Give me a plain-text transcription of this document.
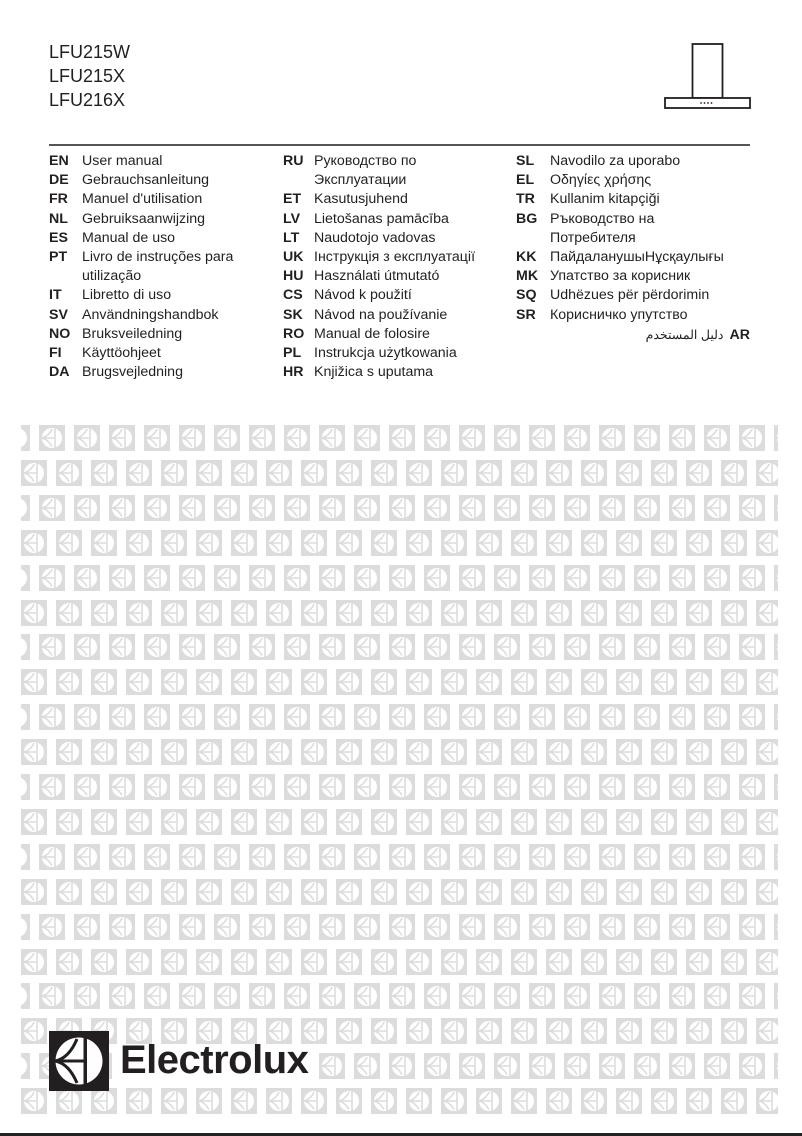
LFU215W
LFU215X
LFU216X
EN User manual
DE Gebrauchsanleitung
FR Manuel d'utilisation
NL Gebruiksaanwijzing
ES Manual de uso
PT	Livro de instruções para
utilização
IT	Libretto di uso
SV Användningshandbok
NO Bruksveiledning
FI	Käyttöohjeet
DA Brugsvejledning
RU Руководство по
Эксплуатации
ET Kasutusjuhend
LV Lietošanas pamācība
LT	Naudotojo vadovas
UK Інструкція з експлуатації
HU Használati útmutató
CS Návod k použití
SK Návod na používanie
RO Manual de folosire
PL Instrukcja użytkowania
HR Knjižica s uputama
SL	Navodilo za uporabo
EL	Οδηγίες χρήσης
TR	Kullanim kitapçiği
BG Ръководство на
Потребителя
KK ПайдаланушыНұсқаулығы
MK Упатство за корисник
SQ Udhëzues për përdorimin
SR	Корисничко упутство
دليل المستخدم AR
Electrolux
